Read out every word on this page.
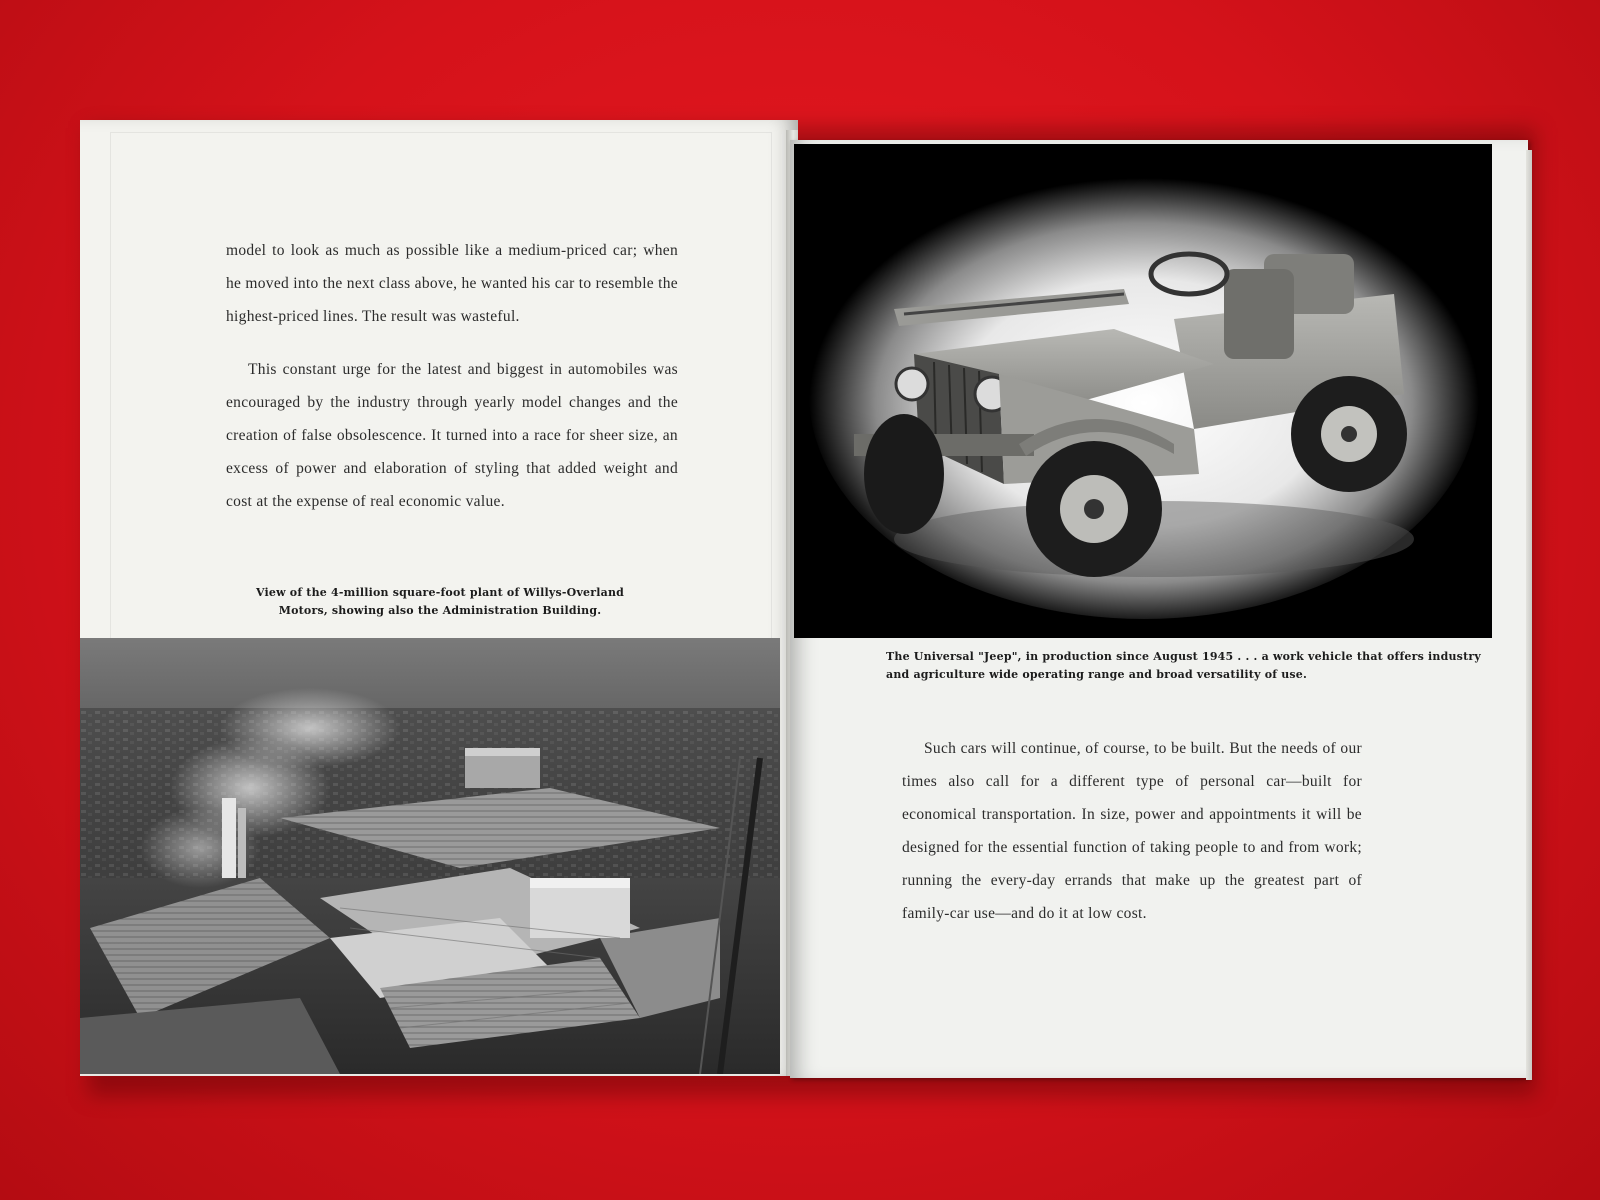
model to look as much as possible like a medium-priced car; when he moved into the next class above, he wanted his car to resemble the highest-priced lines. The result was wasteful.

This constant urge for the latest and biggest in automobiles was encouraged by the industry through yearly model changes and the creation of false obsolescence. It turned into a race for sheer size, an excess of power and elaboration of styling that added weight and cost at the expense of real economic value.

View of the 4-million square-foot plant of Willys-Overland Motors, showing also the Administration Building.
The Universal "Jeep", in production since August 1945 . . . a work vehicle that offers industry and agriculture wide operating range and broad versatility of use.

Such cars will continue, of course, to be built. But the needs of our times also call for a different type of personal car—built for economical transportation. In size, power and appointments it will be designed for the essential function of taking people to and from work; running the every-day errands that make up the greatest part of family-car use—and do it at low cost.
